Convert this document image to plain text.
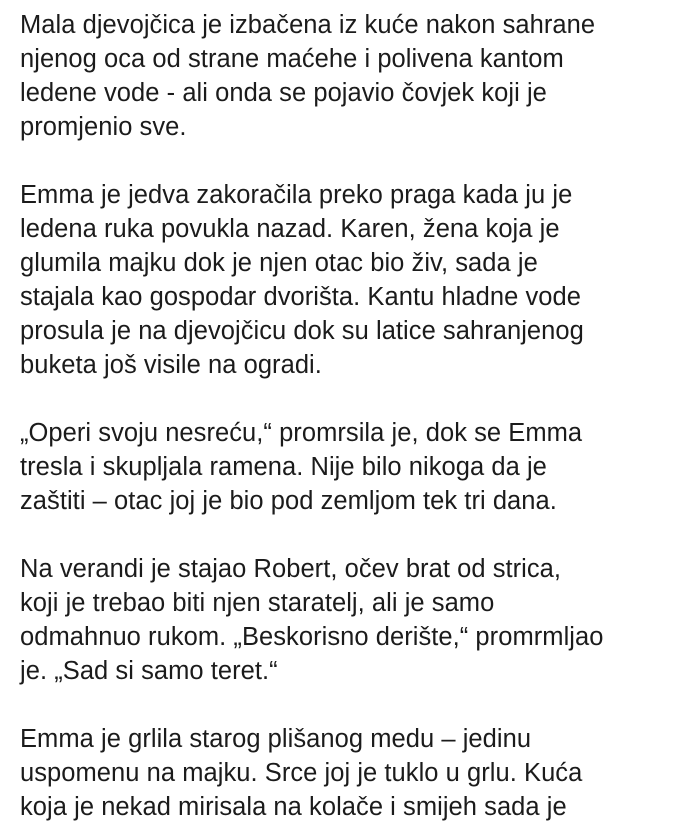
Mala djevojčica je izbačena iz kuće nakon sahrane
njenog oca od strane maćehe i polivena kantom
ledene vode - ali onda se pojavio čovjek koji je
promjenio sve.
Emma je jedva zakoračila preko praga kada ju je
ledena ruka povukla nazad. Karen, žena koja je
glumila majku dok je njen otac bio živ, sada je
stajala kao gospodar dvorišta. Kantu hladne vode
prosula je na djevojčicu dok su latice sahranjenog
buketa još visile na ogradi.
„Operi svoju nesreću,“ promrsila je, dok se Emma
tresla i skupljala ramena. Nije bilo nikoga da je
zaštiti – otac joj je bio pod zemljom tek tri dana.
Na verandi je stajao Robert, očev brat od strica,
koji je trebao biti njen staratelj, ali je samo
odmahnuo rukom. „Beskorisno derište,“ promrmljao
je. „Sad si samo teret.“
Emma je grlila starog plišanog medu – jedinu
uspomenu na majku. Srce joj je tuklo u grlu. Kuća
koja je nekad mirisala na kolače i smijeh sada je
